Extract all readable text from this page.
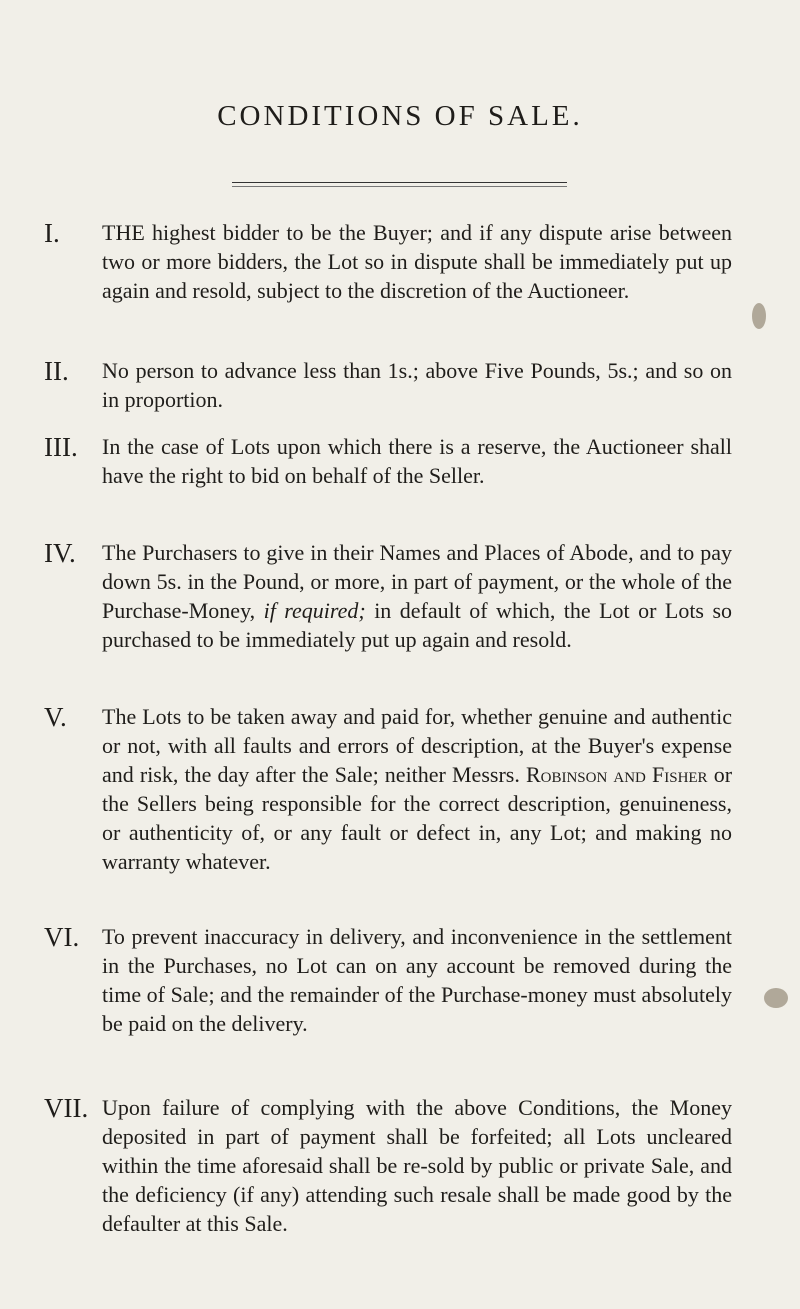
CONDITIONS OF SALE.
I. THE highest bidder to be the Buyer; and if any dispute arise between two or more bidders, the Lot so in dispute shall be immediately put up again and resold, subject to the discretion of the Auctioneer.
II. No person to advance less than 1s.; above Five Pounds, 5s.; and so on in proportion.
III. In the case of Lots upon which there is a reserve, the Auctioneer shall have the right to bid on behalf of the Seller.
IV. The Purchasers to give in their Names and Places of Abode, and to pay down 5s. in the Pound, or more, in part of payment, or the whole of the Purchase-Money, if required; in default of which, the Lot or Lots so purchased to be immediately put up again and resold.
V. The Lots to be taken away and paid for, whether genuine and authentic or not, with all faults and errors of description, at the Buyer's expense and risk, the day after the Sale; neither Messrs. Robinson and Fisher or the Sellers being responsible for the correct description, genuineness, or authenticity of, or any fault or defect in, any Lot; and making no warranty whatever.
VI. To prevent inaccuracy in delivery, and inconvenience in the settlement in the Purchases, no Lot can on any account be removed during the time of Sale; and the remainder of the Purchase-money must absolutely be paid on the delivery.
VII. Upon failure of complying with the above Conditions, the Money deposited in part of payment shall be forfeited; all Lots uncleared within the time aforesaid shall be re-sold by public or private Sale, and the deficiency (if any) attending such resale shall be made good by the defaulter at this Sale.
